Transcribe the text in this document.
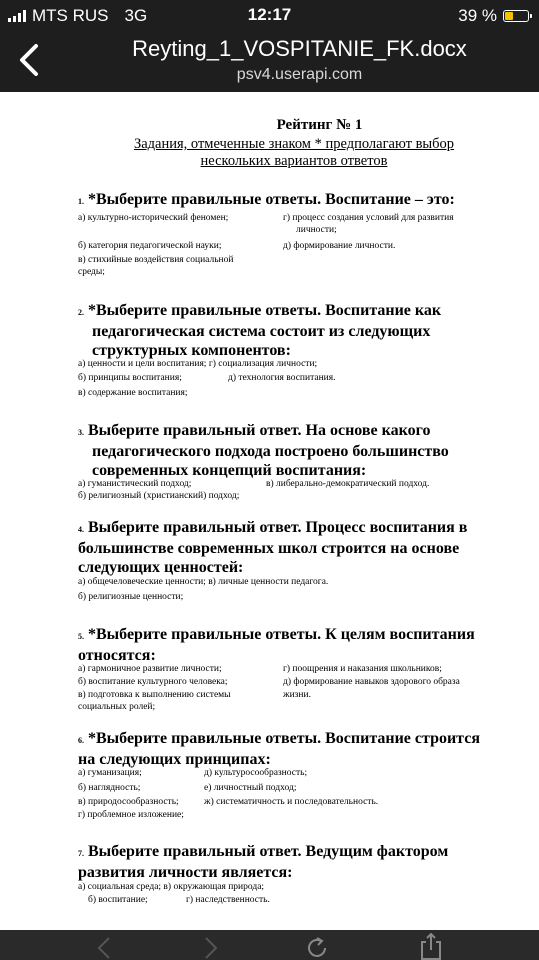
MTS RUS 3G	12:17	39 %
Reyting_1_VOSPITANIE_FK.docx
psv4.userapi.com
Рейтинг № 1
Задания, отмеченные знаком * предполагают выбор
нескольких вариантов ответов
1. *Выберите правильные ответы. Воспитание – это:
а) культурно-исторический феномен;	г) процесс создания условий для развития
личности;
б) категория педагогической науки;	д) формирование личности.
в) стихийные воздействия социальной
среды;
2. *Выберите правильные ответы. Воспитание как
педагогическая система состоит из следующих
структурных компонентов:
а) ценности и цели воспитания; г) социализация личности;
б) принципы воспитания;	д) технология воспитания.
в) содержание воспитания;
3. Выберите правильный ответ. На основе какого
педагогического подхода построено большинство
современных концепций воспитания:
а) гуманистический подход;	в) либерально-демократический подход.
б) религиозный (христианский) подход;
4. Выберите правильный ответ. Процесс воспитания в
большинстве современных школ строится на основе
следующих ценностей:
а) общечеловеческие ценности; в) личные ценности педагога.
б) религиозные ценности;
5. *Выберите правильные ответы. К целям воспитания
относятся:
а) гармоничное развитие личности;	г) поощрения и наказания школьников;
б) воспитание культурного человека;	д) формирование навыков здорового образа
в) подготовка к выполнению системы	жизни.
социальных ролей;
6. *Выберите правильные ответы. Воспитание строится
на следующих принципах:
а) гуманизация;	д) культуросообразность;
б) наглядность;	е) личностный подход;
в) природосообразность;	ж) систематичность и последовательность.
г) проблемное изложение;
7. Выберите правильный ответ. Ведущим фактором
развития личности является:
а) социальная среда; в) окружающая природа;
б) воспитание;	г) наследственность.
